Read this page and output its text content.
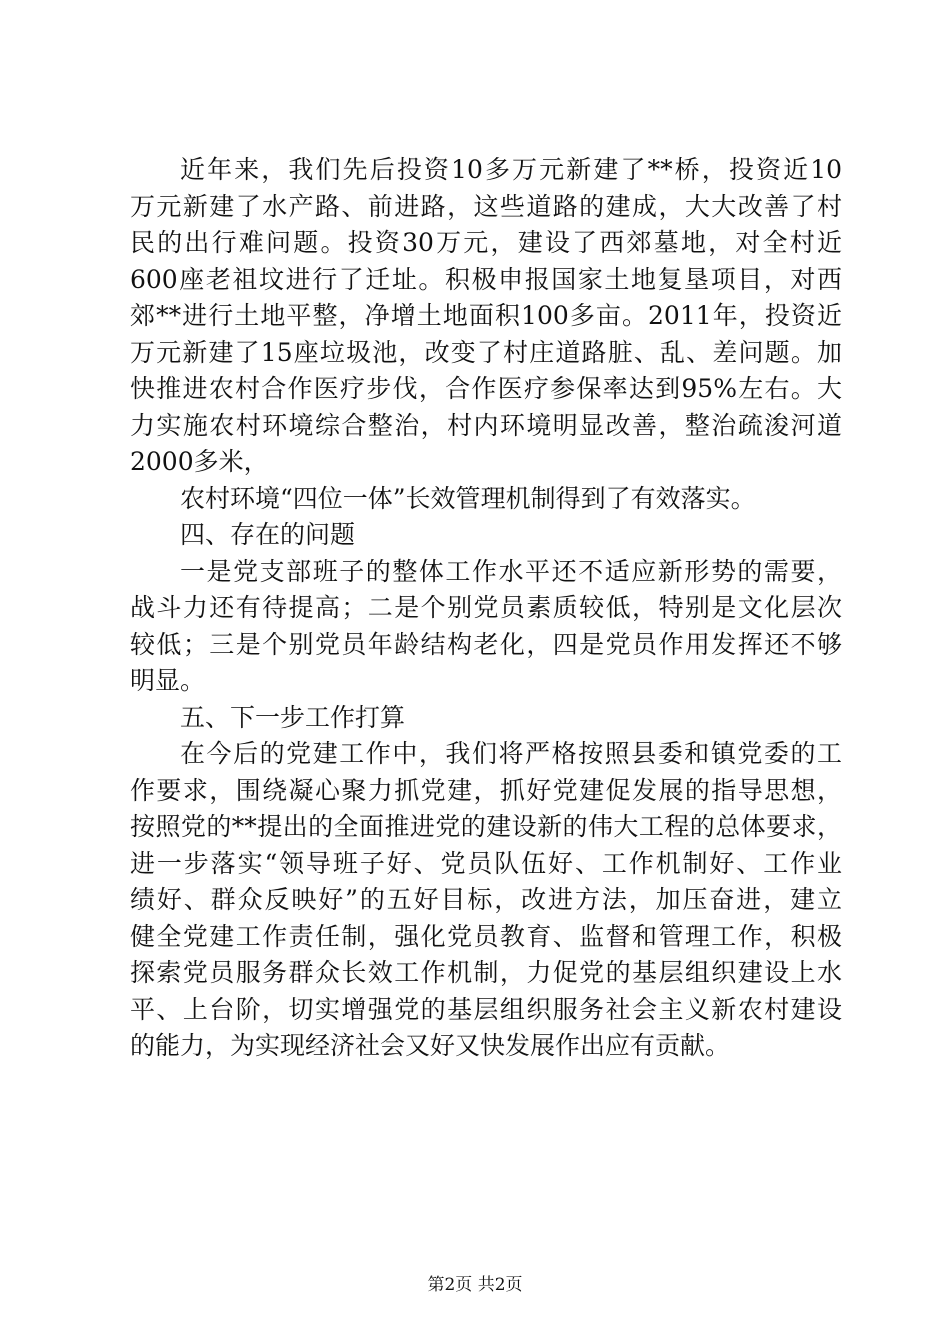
近年来，我们先后投资10多万元新建了**桥，投资近10
万元新建了水产路、前进路，这些道路的建成，大大改善了村
民的出行难问题。投资30万元，建设了西郊墓地，对全村近
600座老祖坟进行了迁址。积极申报国家土地复垦项目，对西
郊**进行土地平整，净增土地面积100多亩。2011年，投资近
万元新建了15座垃圾池，改变了村庄道路脏、乱、差问题。加
快推进农村合作医疗步伐，合作医疗参保率达到95%左右。大
力实施农村环境综合整治，村内环境明显改善，整治疏浚河道
2000多米，
农村环境“四位一体”长效管理机制得到了有效落实。
四、存在的问题
一是党支部班子的整体工作水平还不适应新形势的需要，
战斗力还有待提高；二是个别党员素质较低，特别是文化层次
较低；三是个别党员年龄结构老化，四是党员作用发挥还不够
明显。
五、下一步工作打算
在今后的党建工作中，我们将严格按照县委和镇党委的工
作要求，围绕凝心聚力抓党建，抓好党建促发展的指导思想，
按照党的**提出的全面推进党的建设新的伟大工程的总体要求，
进一步落实“领导班子好、党员队伍好、工作机制好、工作业
绩好、群众反映好”的五好目标，改进方法，加压奋进，建立
健全党建工作责任制，强化党员教育、监督和管理工作，积极
探索党员服务群众长效工作机制，力促党的基层组织建设上水
平、上台阶，切实增强党的基层组织服务社会主义新农村建设
的能力，为实现经济社会又好又快发展作出应有贡献。
第2页 共2页
